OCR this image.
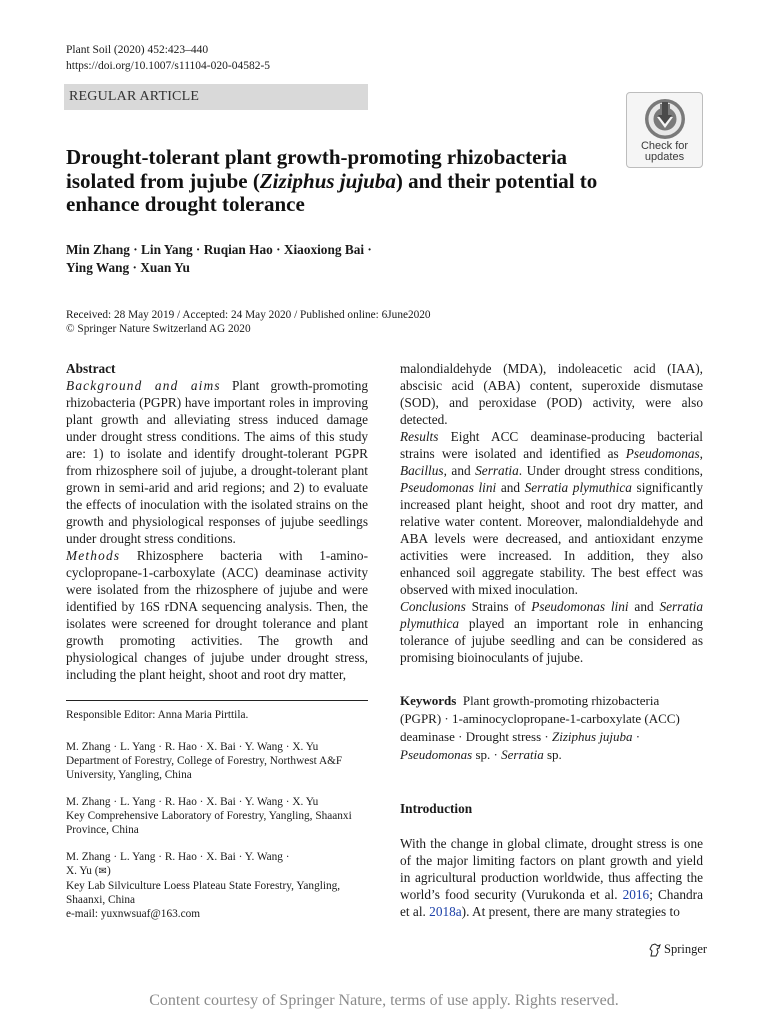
Plant Soil (2020) 452:423–440
https://doi.org/10.1007/s11104-020-04582-5
REGULAR ARTICLE
Check for
updates
Drought-tolerant plant growth-promoting rhizobacteria isolated from jujube (Ziziphus jujuba) and their potential to enhance drought tolerance
Min Zhang · Lin Yang · Ruqian Hao · Xiaoxiong Bai ·
Ying Wang · Xuan Yu
Received: 28 May 2019 / Accepted: 24 May 2020 / Published online: 6June2020
© Springer Nature Switzerland AG 2020

Abstract

Background and aims Plant growth-promoting rhizobacteria (PGPR) have important roles in improving plant growth and alleviating stress induced damage under drought stress conditions. The aims of this study are: 1) to isolate and identify drought-tolerant PGPR from rhizosphere soil of jujube, a drought-tolerant plant grown in semi-arid and arid regions; and 2) to evaluate the effects of inoculation with the isolated strains on the growth and physiological responses of jujube seedlings under drought stress conditions.

Methods Rhizosphere bacteria with 1-amino-cyclopropane-1-carboxylate (ACC) deaminase activity were isolated from the rhizosphere of jujube and were identified by 16S rDNA sequencing analysis. Then, the isolates were screened for drought tolerance and plant growth promoting activities. The growth and physiological changes of jujube under drought stress, including the plant height, shoot and root dry matter,

malondialdehyde (MDA), indoleacetic acid (IAA), abscisic acid (ABA) content, superoxide dismutase (SOD), and peroxidase (POD) activity, were also detected.

Results Eight ACC deaminase-producing bacterial strains were isolated and identified as Pseudomonas, Bacillus, and Serratia. Under drought stress conditions, Pseudomonas lini and Serratia plymuthica significantly increased plant height, shoot and root dry matter, and relative water content. Moreover, malondialdehyde and ABA levels were decreased, and antioxidant enzyme activities were increased. In addition, they also enhanced soil aggregate stability. The best effect was observed with mixed inoculation.

Conclusions Strains of Pseudomonas lini and Serratia plymuthica played an important role in enhancing tolerance of jujube seedling and can be considered as promising bioinoculants of jujube.

Keywords Plant growth-promoting rhizobacteria (PGPR) · 1-aminocyclopropane-1-carboxylate (ACC) deaminase · Drought stress · Ziziphus jujuba · Pseudomonas sp. · Serratia sp.
Responsible Editor: Anna Maria Pirttila.
M. Zhang · L. Yang · R. Hao · X. Bai · Y. Wang · X. Yu
Department of Forestry, College of Forestry, Northwest A&F University, Yangling, China
M. Zhang · L. Yang · R. Hao · X. Bai · Y. Wang · X. Yu
Key Comprehensive Laboratory of Forestry, Yangling, Shaanxi Province, China
M. Zhang · L. Yang · R. Hao · X. Bai · Y. Wang ·
X. Yu (✉)
Key Lab Silviculture Loess Plateau State Forestry, Yangling, Shaanxi, China
e-mail: yuxnwsuaf@163.com
Introduction
With the change in global climate, drought stress is one of the major limiting factors on plant growth and yield in agricultural production worldwide, thus affecting the world’s food security (Vurukonda et al. 2016; Chandra et al. 2018a). At present, there are many strategies to
Springer
Content courtesy of Springer Nature, terms of use apply. Rights reserved.
